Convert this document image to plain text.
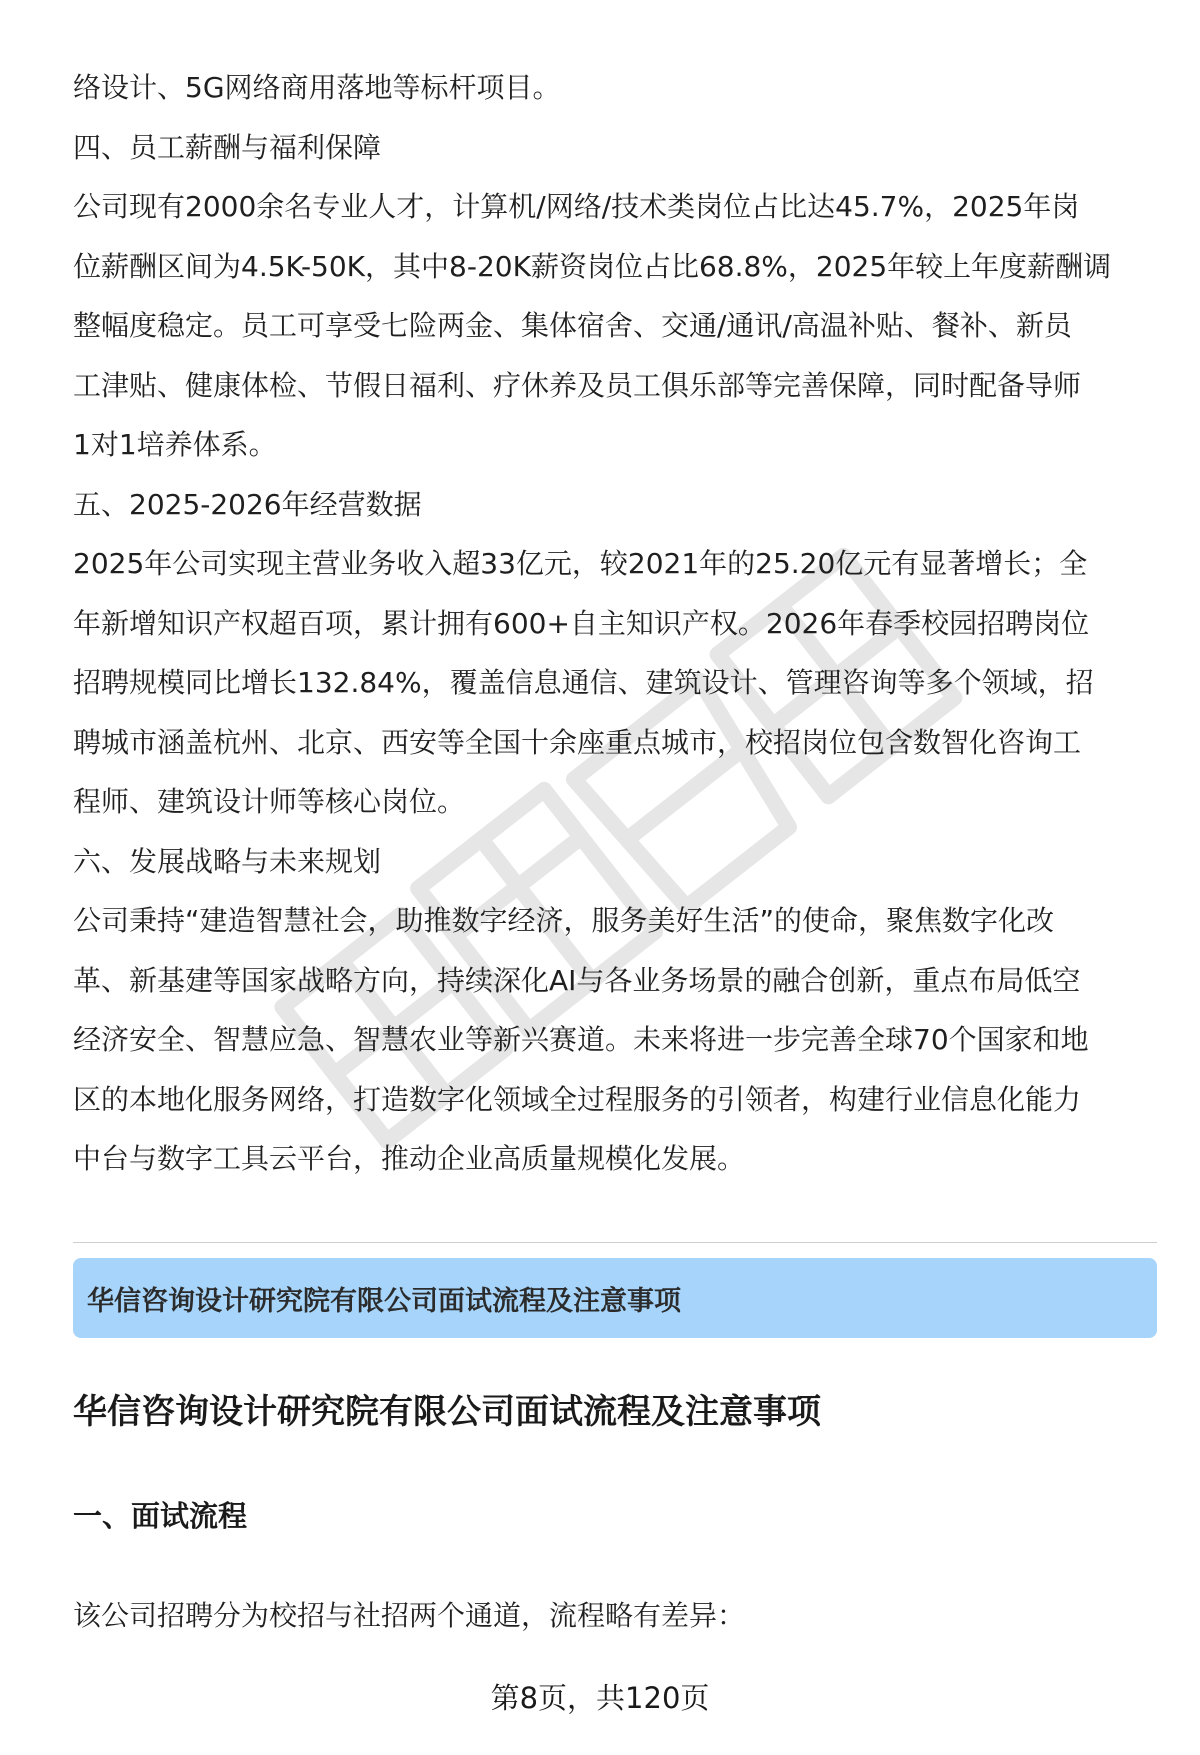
络设计、5G网络商用落地等标杆项目。

四、员工薪酬与福利保障

公司现有2000余名专业人才，计算机/网络/技术类岗位占比达45.7%，2025年岗

位薪酬区间为4.5K-50K，其中8-20K薪资岗位占比68.8%，2025年较上年度薪酬调

整幅度稳定。员工可享受七险两金、集体宿舍、交通/通讯/高温补贴、餐补、新员

工津贴、健康体检、节假日福利、疗休养及员工俱乐部等完善保障，同时配备导师

1对1培养体系。

五、2025-2026年经营数据

2025年公司实现主营业务收入超33亿元，较2021年的25.20亿元有显著增长；全

年新增知识产权超百项，累计拥有600+自主知识产权。2026年春季校园招聘岗位

招聘规模同比增长132.84%，覆盖信息通信、建筑设计、管理咨询等多个领域，招

聘城市涵盖杭州、北京、西安等全国十余座重点城市，校招岗位包含数智化咨询工

程师、建筑设计师等核心岗位。

六、发展战略与未来规划

公司秉持“建造智慧社会，助推数字经济，服务美好生活”的使命，聚焦数字化改

革、新基建等国家战略方向，持续深化AI与各业务场景的融合创新，重点布局低空

经济安全、智慧应急、智慧农业等新兴赛道。未来将进一步完善全球70个国家和地

区的本地化服务网络，打造数字化领域全过程服务的引领者，构建行业信息化能力

中台与数字工具云平台，推动企业高质量规模化发展。

华信咨询设计研究院有限公司面试流程及注意事项
华信咨询设计研究院有限公司面试流程及注意事项
一、面试流程
该公司招聘分为校招与社招两个通道，流程略有差异：
第8页，共120页
